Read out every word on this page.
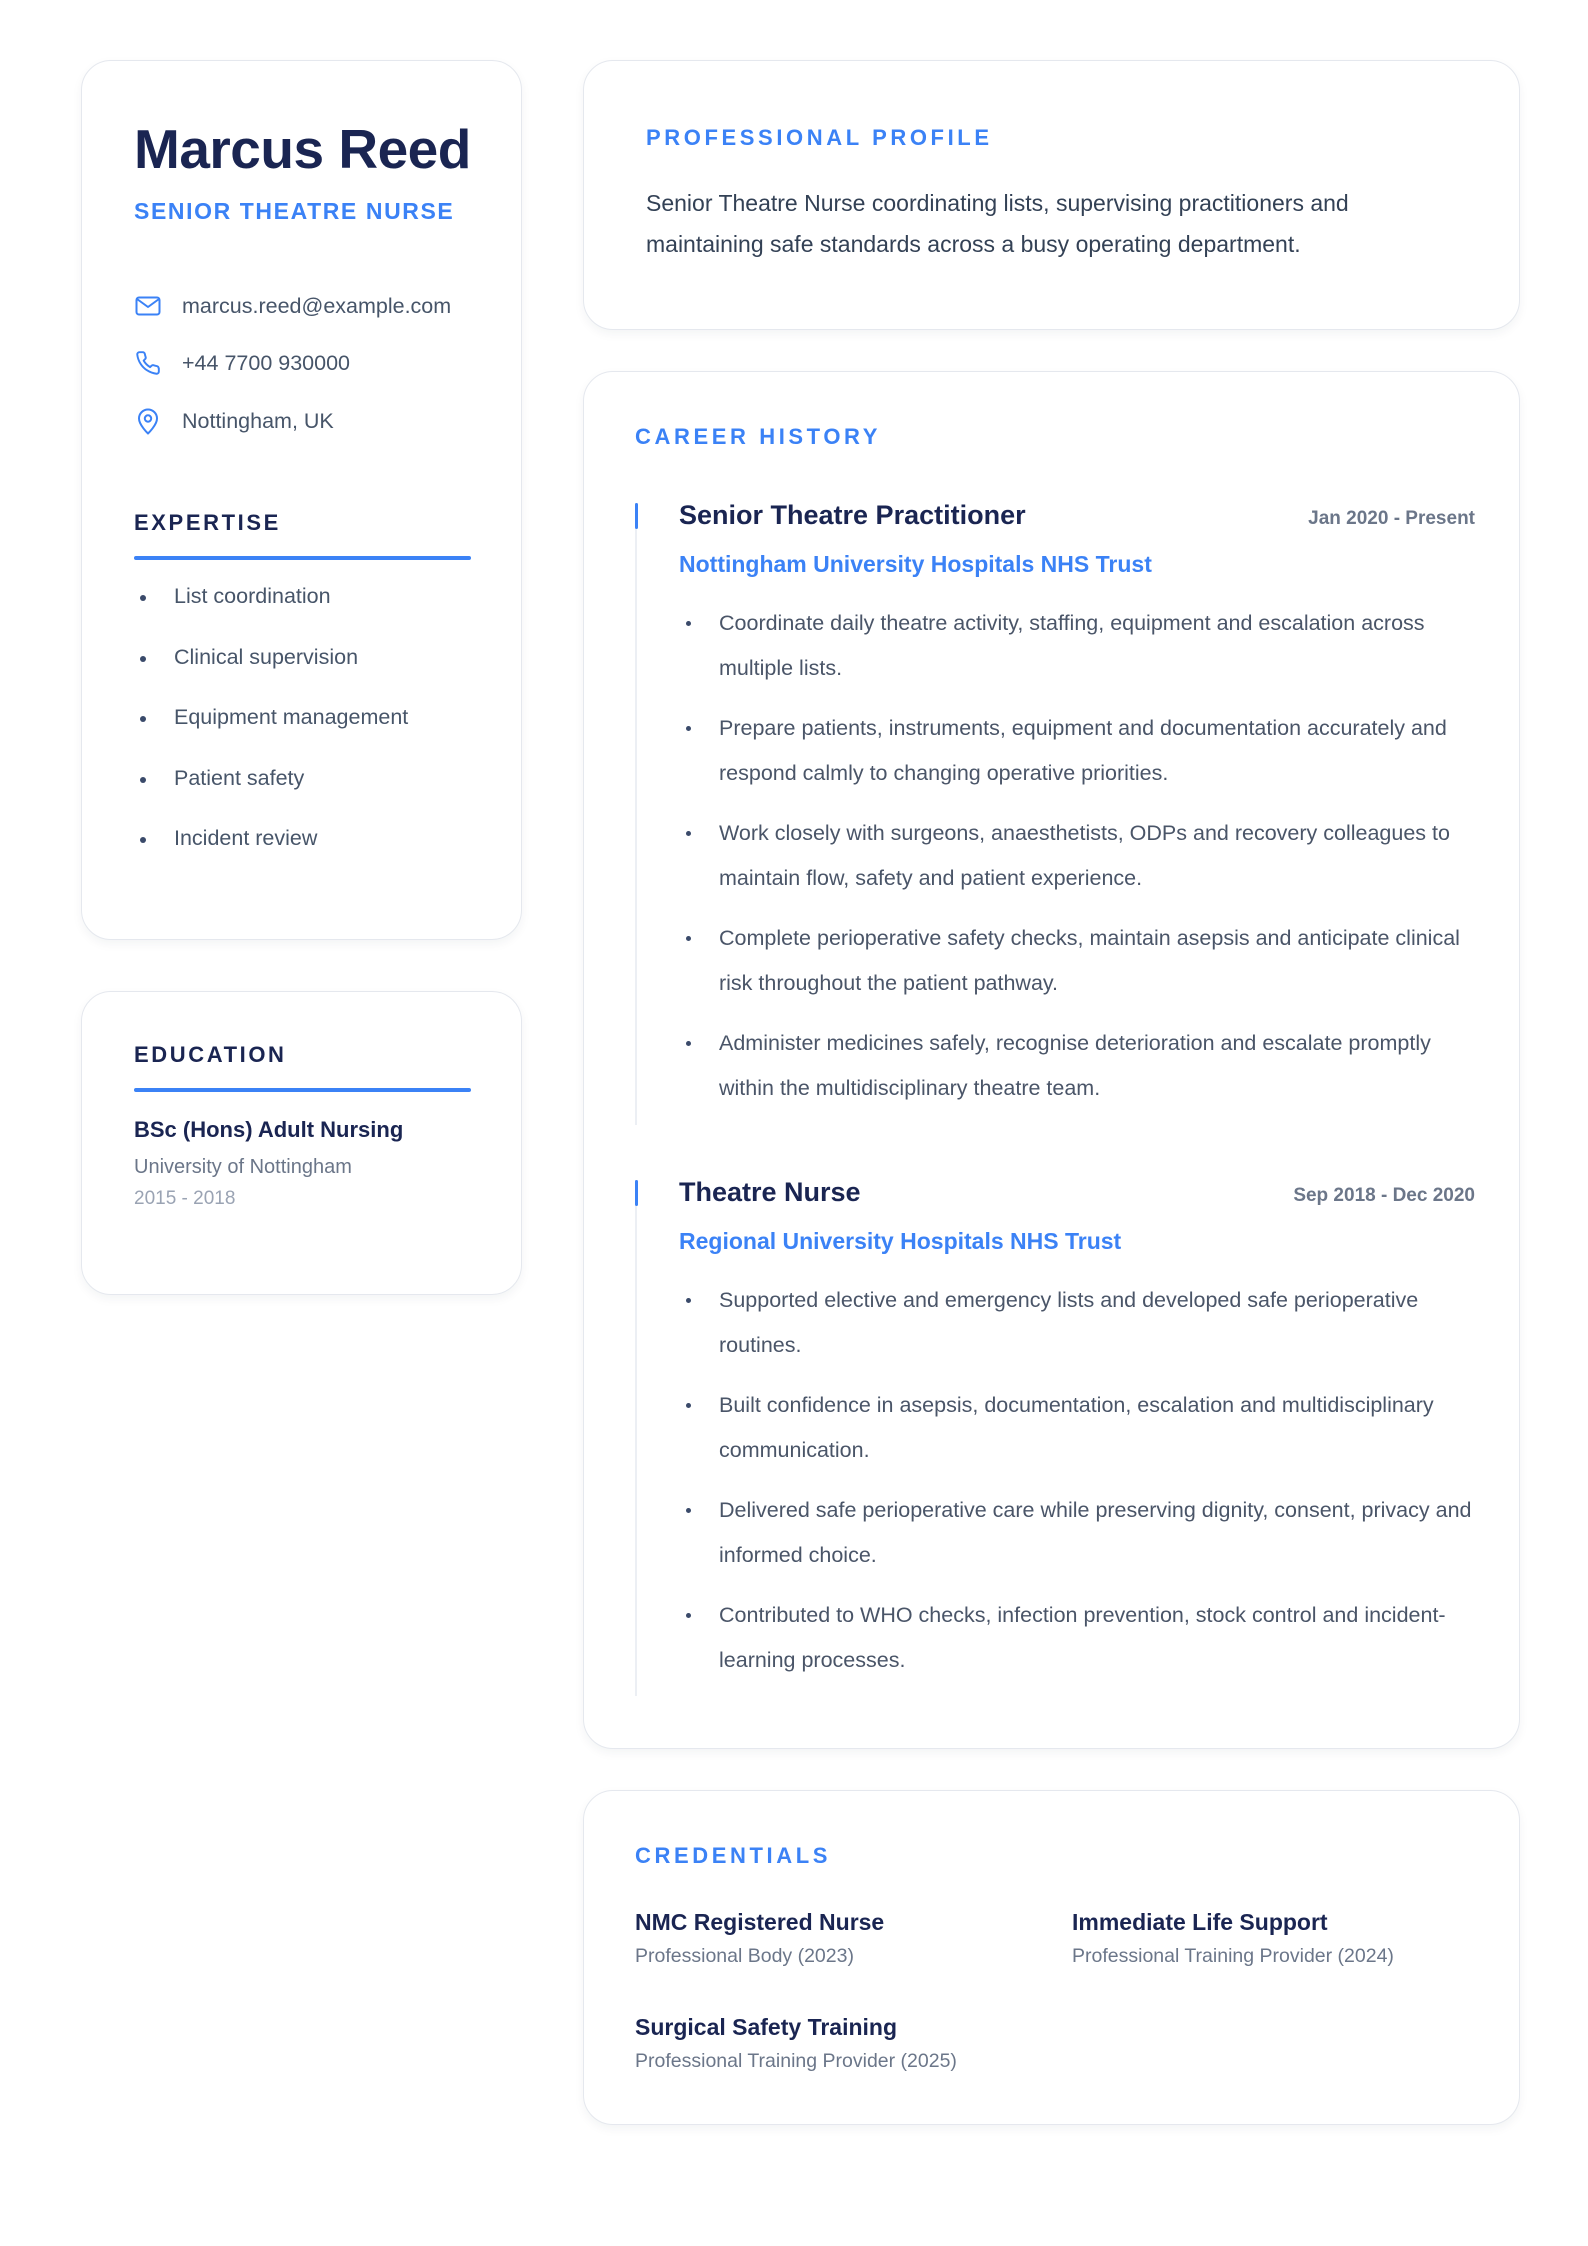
Marcus Reed
SENIOR THEATRE NURSE
marcus.reed@example.com
+44 7700 930000
Nottingham, UK
EXPERTISE
List coordination
Clinical supervision
Equipment management
Patient safety
Incident review
EDUCATION
BSc (Hons) Adult Nursing
University of Nottingham
2015 - 2018
PROFESSIONAL PROFILE

Senior Theatre Nurse coordinating lists, supervising practitioners and maintaining safe standards across a busy operating department.

CAREER HISTORY
Senior Theatre Practitioner	Jan 2020 - Present
Nottingham University Hospitals NHS Trust
Coordinate daily theatre activity, staffing, equipment and escalation across multiple lists.
Prepare patients, instruments, equipment and documentation accurately and respond calmly to changing operative priorities.
Work closely with surgeons, anaesthetists, ODPs and recovery colleagues to maintain flow, safety and patient experience.
Complete perioperative safety checks, maintain asepsis and anticipate clinical risk throughout the patient pathway.
Administer medicines safely, recognise deterioration and escalate promptly within the multidisciplinary theatre team.
Theatre Nurse	Sep 2018 - Dec 2020
Regional University Hospitals NHS Trust
Supported elective and emergency lists and developed safe perioperative routines.
Built confidence in asepsis, documentation, escalation and multidisciplinary communication.
Delivered safe perioperative care while preserving dignity, consent, privacy and informed choice.
Contributed to WHO checks, infection prevention, stock control and incident-learning processes.
CREDENTIALS
NMC Registered Nurse
Professional Body (2023)
Immediate Life Support
Professional Training Provider (2024)
Surgical Safety Training
Professional Training Provider (2025)
